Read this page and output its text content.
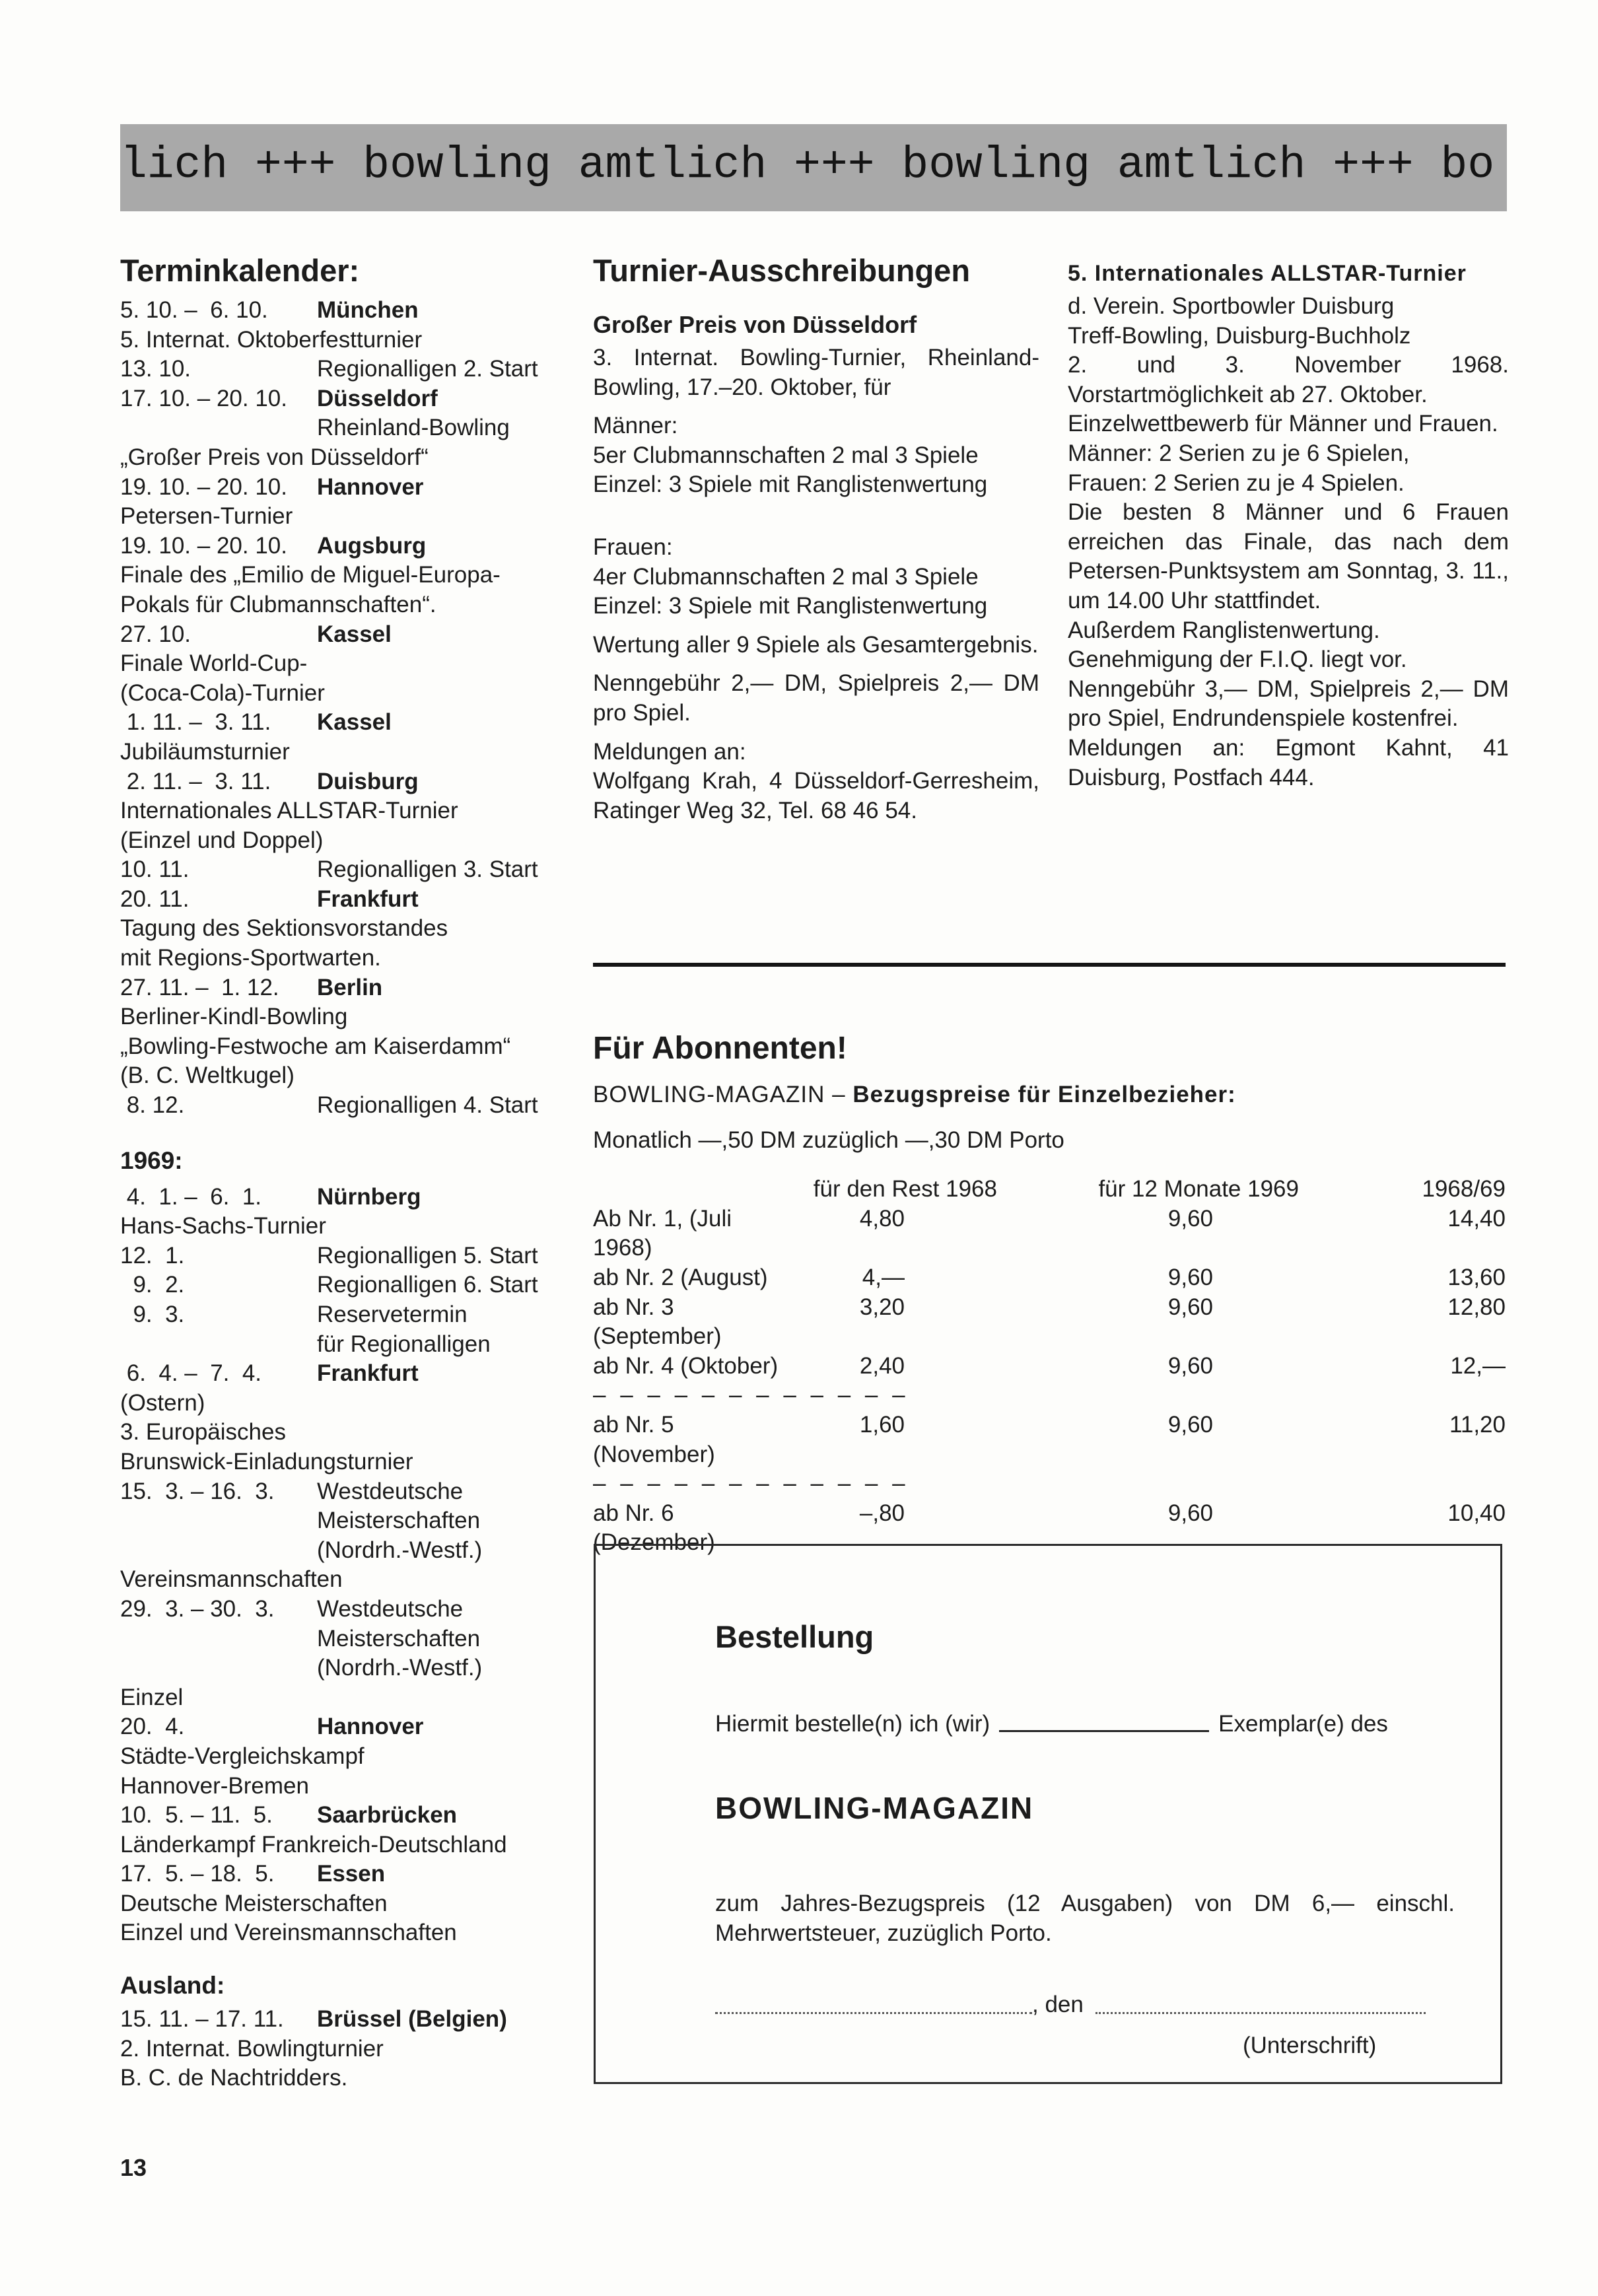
lich +++ bowling amtlich +++ bowling amtlich +++ bo
Terminkalender:
5. 10. –  6. 10.	München
5. Internat. Oktoberfestturnier
13. 10.	Regionalligen 2. Start
17. 10. – 20. 10.	Düsseldorf
Rheinland-Bowling
„Großer Preis von Düsseldorf“
19. 10. – 20. 10.	Hannover
Petersen-Turnier
19. 10. – 20. 10.	Augsburg
Finale des „Emilio de Miguel-Europa-Pokals für Clubmannschaften“.
27. 10.	Kassel
Finale World-Cup-
(Coca-Cola)-Turnier
1. 11. –  3. 11.	Kassel
Jubiläumsturnier
2. 11. –  3. 11.	Duisburg
Internationales ALLSTAR-Turnier
(Einzel und Doppel)
10. 11.	Regionalligen 3. Start
20. 11.	Frankfurt
Tagung des Sektionsvorstandes
mit Regions-Sportwarten.
27. 11. –  1. 12.	Berlin
Berliner-Kindl-Bowling
„Bowling-Festwoche am Kaiserdamm“
(B. C. Weltkugel)
8. 12.	Regionalligen 4. Start
1969:
4.  1. –  6.  1.	Nürnberg
Hans-Sachs-Turnier
12.  1.	Regionalligen 5. Start
9.  2.	Regionalligen 6. Start
9.  3.	Reservetermin
für Regionalligen
6.  4. –  7.  4.	Frankfurt
(Ostern)
3. Europäisches
Brunswick-Einladungsturnier
15.  3. – 16.  3.	Westdeutsche
Meisterschaften
(Nordrh.-Westf.)
Vereinsmannschaften
29.  3. – 30.  3.	Westdeutsche
Meisterschaften
(Nordrh.-Westf.)
Einzel
20.  4.	Hannover
Städte-Vergleichskampf
Hannover-Bremen
10.  5. – 11.  5.	Saarbrücken
Länderkampf Frankreich-Deutschland
17.  5. – 18.  5.	Essen
Deutsche Meisterschaften
Einzel und Vereinsmannschaften
Ausland:
15. 11. – 17. 11.	Brüssel (Belgien)
2. Internat. Bowlingturnier
B. C. de Nachtridders.
Turnier-Ausschreibungen
Großer Preis von Düsseldorf
3. Internat. Bowling-Turnier, Rheinland-Bowling, 17.–20. Oktober, für
Männer:
5er Clubmannschaften 2 mal 3 Spiele
Einzel: 3 Spiele mit Ranglistenwertung
Frauen:
4er Clubmannschaften 2 mal 3 Spiele
Einzel: 3 Spiele mit Ranglistenwertung
Wertung aller 9 Spiele als Gesamtergebnis.
Nenngebühr 2,— DM, Spielpreis 2,— DM pro Spiel.
Meldungen an:
Wolfgang Krah, 4 Düsseldorf-Gerresheim, Ratinger Weg 32, Tel. 68 46 54.
5. Internationales ALLSTAR-Turnier
d. Verein. Sportbowler Duisburg
Treff-Bowling, Duisburg-Buchholz
2. und 3. November 1968. Vorstartmöglichkeit ab 27. Oktober.
Einzelwettbewerb für Männer und Frauen.
Männer: 2 Serien zu je 6 Spielen,
Frauen: 2 Serien zu je 4 Spielen.
Die besten 8 Männer und 6 Frauen erreichen das Finale, das nach dem Petersen-Punktsystem am Sonntag, 3. 11., um 14.00 Uhr stattfindet.
Außerdem Ranglistenwertung.
Genehmigung der F.I.Q. liegt vor.
Nenngebühr 3,— DM, Spielpreis 2,— DM pro Spiel, Endrundenspiele kostenfrei.
Meldungen an: Egmont Kahnt, 41 Duisburg, Postfach 444.
Für Abonnenten!
BOWLING-MAGAZIN – Bezugspreise für Einzelbezieher:
Monatlich —,50 DM zuzüglich —,30 DM Porto
	für den Rest 1968	für 12 Monate 1969	1968/69
Ab Nr. 1, (Juli 1968)	4,80	9,60	14,40
ab Nr. 2 (August)	4,—	9,60	13,60
ab Nr. 3 (September)	3,20	9,60	12,80
ab Nr. 4 (Oktober)	2,40	9,60	12,—
– – – – – – – – – – – –			
ab Nr. 5 (November)	1,60	9,60	11,20
– – – – – – – – – – – –			
ab Nr. 6 (Dezember)	–,80	9,60	10,40
Bestellung
Hiermit bestelle(n) ich (wir)	Exemplar(e) des
BOWLING-MAGAZIN
zum Jahres-Bezugspreis (12 Ausgaben) von DM 6,— einschl. Mehrwertsteuer, zuzüglich Porto.
, den
(Unterschrift)
13
